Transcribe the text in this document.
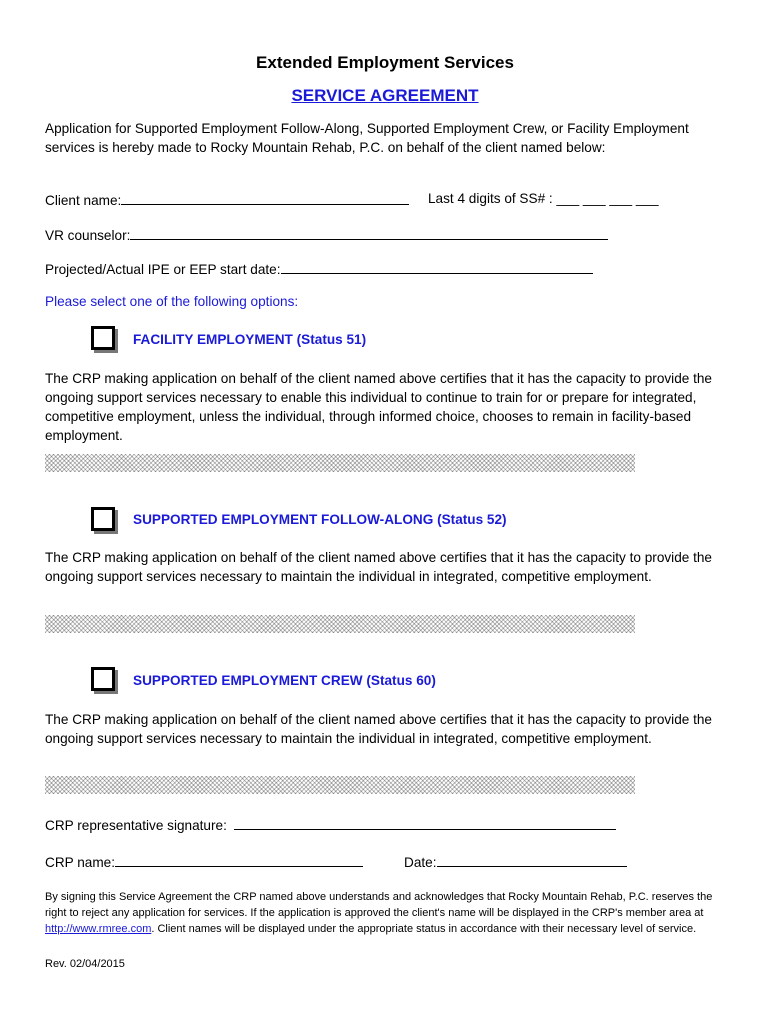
Extended Employment Services
SERVICE AGREEMENT
Application for Supported Employment Follow-Along, Supported Employment Crew, or Facility Employment services is hereby made to Rocky Mountain Rehab, P.C. on behalf of the client named below:
Client name:	Last 4 digits of SS# : ___ ___ ___ ___
VR counselor:
Projected/Actual IPE or EEP start date:
Please select one of the following options:
FACILITY EMPLOYMENT (Status 51)
The CRP making application on behalf of the client named above certifies that it has the capacity to provide the ongoing support services necessary to enable this individual to continue to train for or prepare for integrated, competitive employment, unless the individual, through informed choice, chooses to remain in facility-based employment.
SUPPORTED EMPLOYMENT FOLLOW-ALONG (Status 52)
The CRP making application on behalf of the client named above certifies that it has the capacity to provide the ongoing support services necessary to maintain the individual in integrated, competitive employment.
SUPPORTED EMPLOYMENT CREW (Status 60)
The CRP making application on behalf of the client named above certifies that it has the capacity to provide the ongoing support services necessary to maintain the individual in integrated, competitive employment.
CRP representative signature:
CRP name:	Date:
By signing this Service Agreement the CRP named above understands and acknowledges that Rocky Mountain Rehab, P.C. reserves the right to reject any application for services. If the application is approved the client's name will be displayed in the CRP's member area at http://www.rmree.com. Client names will be displayed under the appropriate status in accordance with their necessary level of service.
Rev. 02/04/2015
